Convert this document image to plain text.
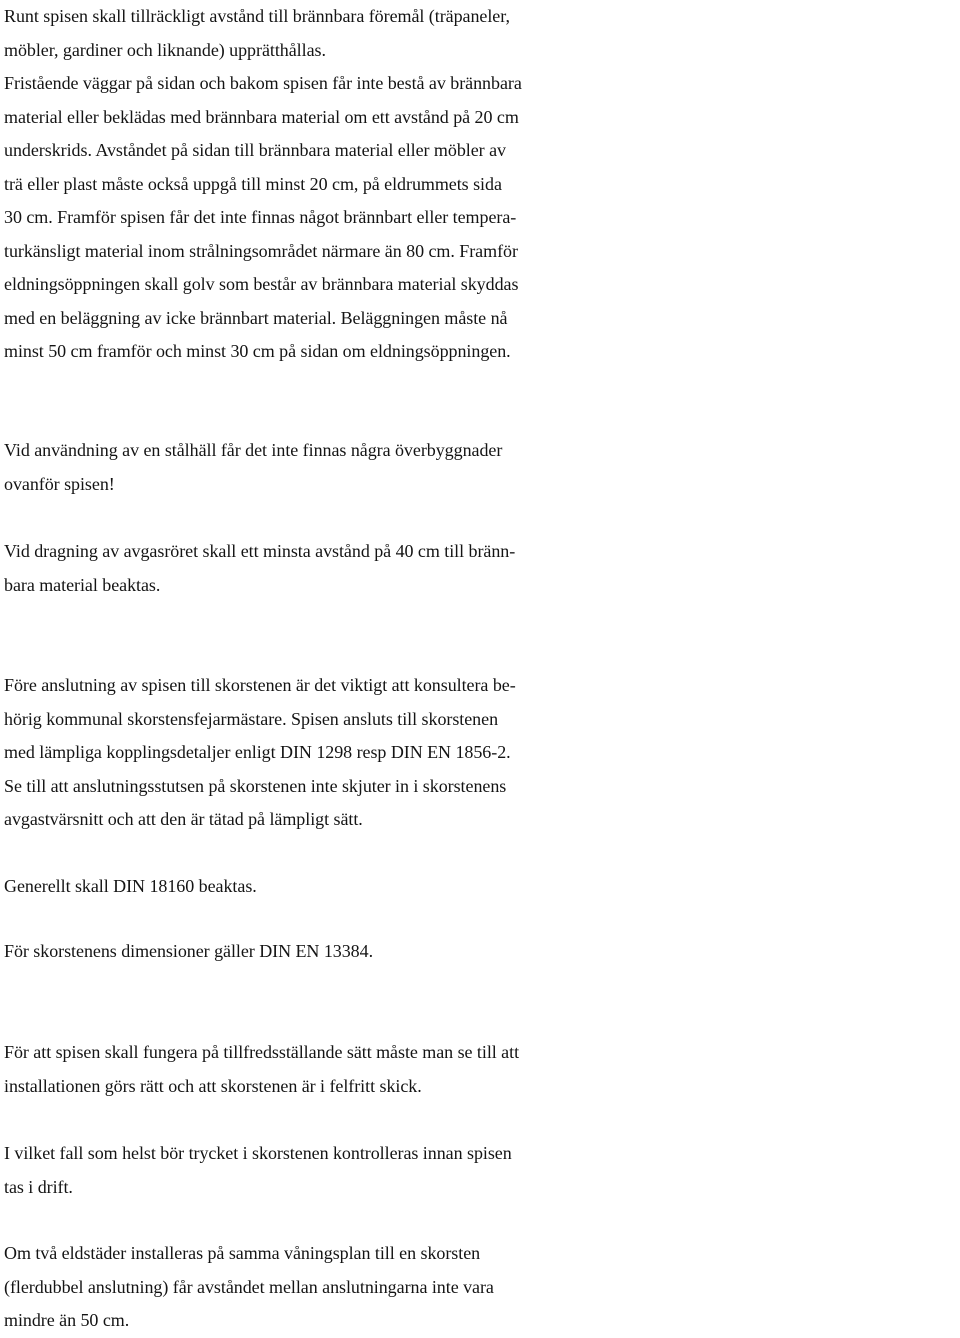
Runt spisen skall tillräckligt avstånd till brännbara föremål (träpaneler,

möbler, gardiner och liknande) upprätthållas.

Fristående väggar på sidan och bakom spisen får inte bestå av brännbara

material eller beklädas med brännbara material om ett avstånd på 20 cm

underskrids. Avståndet på sidan till brännbara material eller möbler av

trä eller plast måste också uppgå till minst 20 cm, på eldrummets sida

30 cm. Framför spisen får det inte finnas något brännbart eller tempera-

turkänsligt material inom strålningsområdet närmare än 80 cm. Framför

eldningsöppningen skall golv som består av brännbara material skyddas

med en beläggning av icke brännbart material. Beläggningen måste nå

minst 50 cm framför och minst 30 cm på sidan om eldningsöppningen.

Vid användning av en stålhäll får det inte finnas några överbyggnader

ovanför spisen!

Vid dragning av avgasröret skall ett minsta avstånd på 40 cm till bränn-

bara material beaktas.

Före anslutning av spisen till skorstenen är det viktigt att konsultera be-

hörig kommunal skorstensfejarmästare. Spisen ansluts till skorstenen

med lämpliga kopplingsdetaljer enligt DIN 1298 resp DIN EN 1856-2.

Se till att anslutningsstutsen på skorstenen inte skjuter in i skorstenens

avgastvärsnitt och att den är tätad på lämpligt sätt.

Generellt skall DIN 18160 beaktas.

För skorstenens dimensioner gäller DIN EN 13384.

För att spisen skall fungera på tillfredsställande sätt måste man se till att

installationen görs rätt och att skorstenen är i felfritt skick.

I vilket fall som helst bör trycket i skorstenen kontrolleras innan spisen

tas i drift.

Om två eldstäder installeras på samma våningsplan till en skorsten

(flerdubbel anslutning) får avståndet mellan anslutningarna inte vara

mindre än 50 cm.
